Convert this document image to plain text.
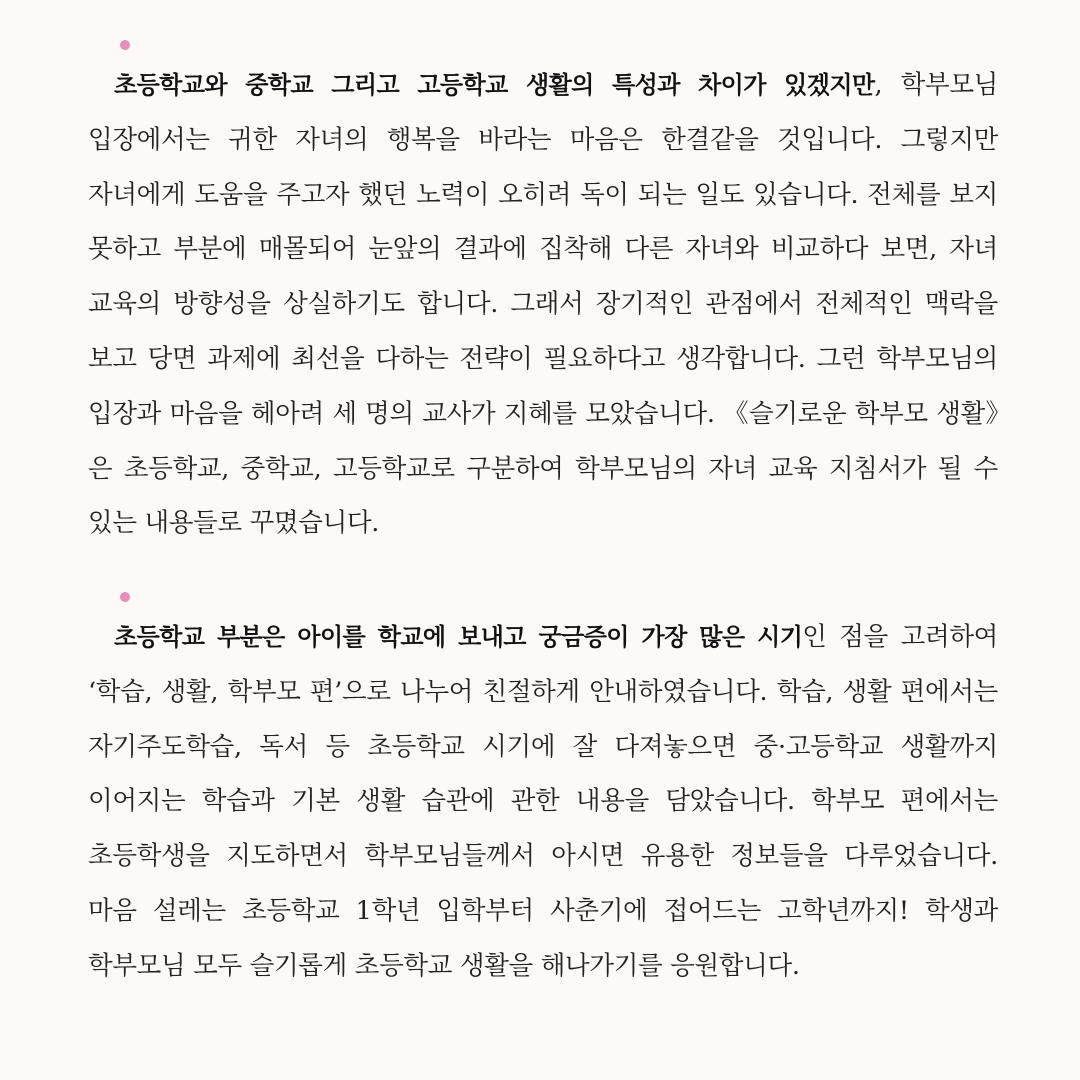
초등학교와 중학교 그리고 고등학교 생활의 특성과 차이가 있겠지만, 학부모님 입장에서는 귀한 자녀의 행복을 바라는 마음은 한결같을 것입니다. 그렇지만 자녀에게 도움을 주고자 했던 노력이 오히려 독이 되는 일도 있습니다. 전체를 보지 못하고 부분에 매몰되어 눈앞의 결과에 집착해 다른 자녀와 비교하다 보면, 자녀 교육의 방향성을 상실하기도 합니다. 그래서 장기적인 관점에서 전체적인 맥락을 보고 당면 과제에 최선을 다하는 전략이 필요하다고 생각합니다. 그런 학부모님의 입장과 마음을 헤아려 세 명의 교사가 지혜를 모았습니다. 《슬기로운 학부모 생활》은 초등학교, 중학교, 고등학교로 구분하여 학부모님의 자녀 교육 지침서가 될 수 있는 내용들로 꾸몄습니다.

초등학교 부분은 아이를 학교에 보내고 궁금증이 가장 많은 시기인 점을 고려하여 ‘학습, 생활, 학부모 편’으로 나누어 친절하게 안내하였습니다. 학습, 생활 편에서는 자기주도학습, 독서 등 초등학교 시기에 잘 다져놓으면 중·고등학교 생활까지 이어지는 학습과 기본 생활 습관에 관한 내용을 담았습니다. 학부모 편에서는 초등학생을 지도하면서 학부모님들께서 아시면 유용한 정보들을 다루었습니다. 마음 설레는 초등학교 1학년 입학부터 사춘기에 접어드는 고학년까지! 학생과 학부모님 모두 슬기롭게 초등학교 생활을 해나가기를 응원합니다.
